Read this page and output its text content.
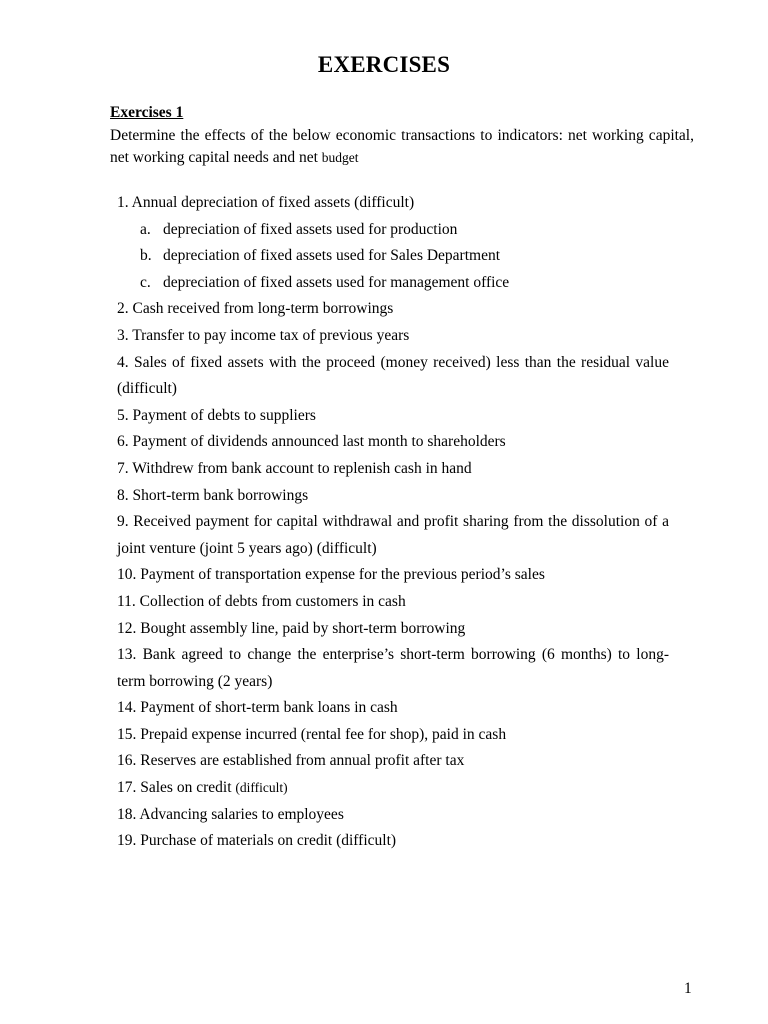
EXERCISES
Exercises 1
Determine the effects of the below economic transactions to indicators: net working capital, net working capital needs and net budget
1. Annual depreciation of fixed assets (difficult)
a. depreciation of fixed assets used for production
b. depreciation of fixed assets used for Sales Department
c. depreciation of fixed assets used for management office
2. Cash received from long-term borrowings
3. Transfer to pay income tax of previous years
4. Sales of fixed assets with the proceed (money received) less than the residual value (difficult)
5. Payment of debts to suppliers
6. Payment of dividends announced last month to shareholders
7. Withdrew from bank account to replenish cash in hand
8. Short-term bank borrowings
9. Received payment for capital withdrawal and profit sharing from the dissolution of a joint venture (joint 5 years ago) (difficult)
10. Payment of transportation expense for the previous period’s sales
11. Collection of debts from customers in cash
12. Bought assembly line, paid by short-term borrowing
13. Bank agreed to change the enterprise’s short-term borrowing (6 months) to long-term borrowing (2 years)
14. Payment of short-term bank loans in cash
15. Prepaid expense incurred (rental fee for shop), paid in cash
16. Reserves are established from annual profit after tax
17. Sales on credit (difficult)
18. Advancing salaries to employees
19. Purchase of materials on credit (difficult)
1
